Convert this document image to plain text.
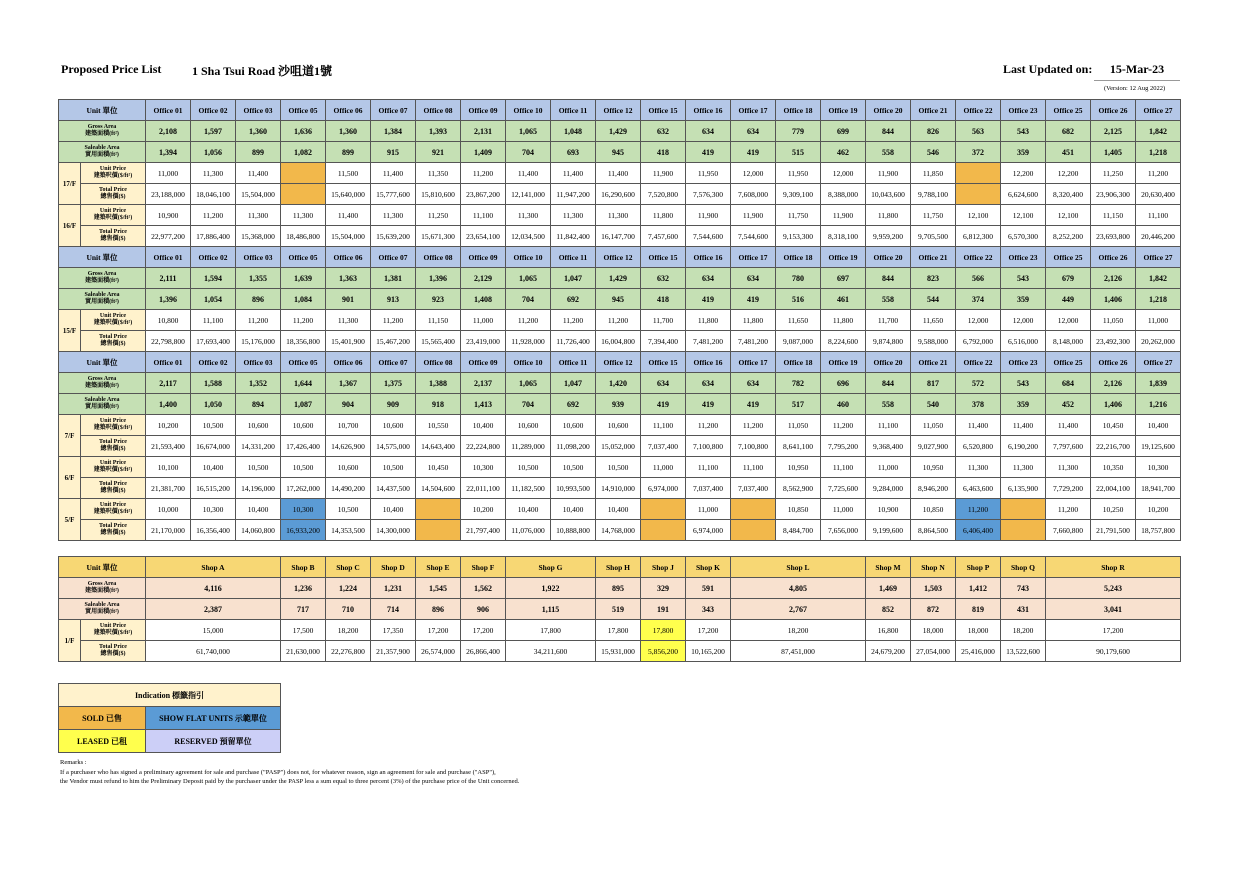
Proposed Price List	1 Sha Tsui Road 沙咀道1號	Last Updated on:	15-Mar-23
(Version: 12 Aug 2022)
Unit 單位		Office 01	Office 02	Office 03	Office 05	Office 06	Office 07	Office 08	Office 09	Office 10	Office 11	Office 12	Office 15	Office 16	Office 17	Office 18	Office 19	Office 20	Office 21	Office 22	Office 23	Office 25	Office 26	Office 27

Gross Area
建築面積(ft²)		2,108	1,597	1,360	1,636	1,360	1,384	1,393	2,131	1,065	1,048	1,429	632	634	634	779	699	844	826	563	543	682	2,125	1,842

Saleable Area
實用面積(ft²)		1,394	1,056	899	1,082	899	915	921	1,409	704	693	945	418	419	419	515	462	558	546	372	359	451	1,405	1,218
17/F	Unit Price
建築呎價($/ft²)	11,000	11,300	11,400		11,500	11,400	11,350	11,200	11,400	11,400	11,400	11,900	11,950	12,000	11,950	12,000	11,900	11,850		12,200	12,200	11,250	11,200

	Total Price
總售價($)	23,188,000	18,046,100	15,504,000		15,640,000	15,777,600	15,810,600	23,867,200	12,141,000	11,947,200	16,290,600	7,520,800	7,576,300	7,608,000	9,309,100	8,388,000	10,043,600	9,788,100		6,624,600	8,320,400	23,906,300	20,630,400
16/F	Unit Price
建築呎價($/ft²)	10,900	11,200	11,300	11,300	11,400	11,300	11,250	11,100	11,300	11,300	11,300	11,800	11,900	11,900	11,750	11,900	11,800	11,750	12,100	12,100	12,100	11,150	11,100

	Total Price
總售價($)	22,977,200	17,886,400	15,368,000	18,486,800	15,504,000	15,639,200	15,671,300	23,654,100	12,034,500	11,842,400	16,147,700	7,457,600	7,544,600	7,544,600	9,153,300	8,318,100	9,959,200	9,705,500	6,812,300	6,570,300	8,252,200	23,693,800	20,446,200
Unit 單位		Office 01	Office 02	Office 03	Office 05	Office 06	Office 07	Office 08	Office 09	Office 10	Office 11	Office 12	Office 15	Office 16	Office 17	Office 18	Office 19	Office 20	Office 21	Office 22	Office 23	Office 25	Office 26	Office 27

Gross Area
建築面積(ft²)		2,111	1,594	1,355	1,639	1,363	1,381	1,396	2,129	1,065	1,047	1,429	632	634	634	780	697	844	823	566	543	679	2,126	1,842

Saleable Area
實用面積(ft²)		1,396	1,054	896	1,084	901	913	923	1,408	704	692	945	418	419	419	516	461	558	544	374	359	449	1,406	1,218
15/F	Unit Price
建築呎價($/ft²)	10,800	11,100	11,200	11,200	11,300	11,200	11,150	11,000	11,200	11,200	11,200	11,700	11,800	11,800	11,650	11,800	11,700	11,650	12,000	12,000	12,000	11,050	11,000

	Total Price
總售價($)	22,798,800	17,693,400	15,176,000	18,356,800	15,401,900	15,467,200	15,565,400	23,419,000	11,928,000	11,726,400	16,004,800	7,394,400	7,481,200	7,481,200	9,087,000	8,224,600	9,874,800	9,588,000	6,792,000	6,516,000	8,148,000	23,492,300	20,262,000
Unit 單位		Office 01	Office 02	Office 03	Office 05	Office 06	Office 07	Office 08	Office 09	Office 10	Office 11	Office 12	Office 15	Office 16	Office 17	Office 18	Office 19	Office 20	Office 21	Office 22	Office 23	Office 25	Office 26	Office 27

Gross Area
建築面積(ft²)		2,117	1,588	1,352	1,644	1,367	1,375	1,388	2,137	1,065	1,047	1,420	634	634	634	782	696	844	817	572	543	684	2,126	1,839

Saleable Area
實用面積(ft²)		1,400	1,050	894	1,087	904	909	918	1,413	704	692	939	419	419	419	517	460	558	540	378	359	452	1,406	1,216
7/F	Unit Price
建築呎價($/ft²)	10,200	10,500	10,600	10,600	10,700	10,600	10,550	10,400	10,600	10,600	10,600	11,100	11,200	11,200	11,050	11,200	11,100	11,050	11,400	11,400	11,400	10,450	10,400

	Total Price
總售價($)	21,593,400	16,674,000	14,331,200	17,426,400	14,626,900	14,575,000	14,643,400	22,224,800	11,289,000	11,098,200	15,052,000	7,037,400	7,100,800	7,100,800	8,641,100	7,795,200	9,368,400	9,027,900	6,520,800	6,190,200	7,797,600	22,216,700	19,125,600
6/F	Unit Price
建築呎價($/ft²)	10,100	10,400	10,500	10,500	10,600	10,500	10,450	10,300	10,500	10,500	10,500	11,000	11,100	11,100	10,950	11,100	11,000	10,950	11,300	11,300	11,300	10,350	10,300

	Total Price
總售價($)	21,381,700	16,515,200	14,196,000	17,262,000	14,490,200	14,437,500	14,504,600	22,011,100	11,182,500	10,993,500	14,910,000	6,974,000	7,037,400	7,037,400	8,562,900	7,725,600	9,284,000	8,946,200	6,463,600	6,135,900	7,729,200	22,004,100	18,941,700
5/F	Unit Price
建築呎價($/ft²)	10,000	10,300	10,400	10,300	10,500	10,400		10,200	10,400	10,400	10,400		11,000		10,850	11,000	10,900	10,850	11,200		11,200	10,250	10,200

	Total Price
總售價($)	21,170,000	16,356,400	14,060,800	16,933,200	14,353,500	14,300,000		21,797,400	11,076,000	10,888,800	14,768,000		6,974,000		8,484,700	7,656,000	9,199,600	8,864,500	6,406,400		7,660,800	21,791,500	18,757,800
Unit 單位		Shop A	Shop B	Shop C	Shop D	Shop E	Shop F	Shop G	Shop H	Shop J	Shop K	Shop L	Shop M	Shop N	Shop P	Shop Q	Shop R

Gross Area
建築面積(ft²)		4,116	1,236	1,224	1,231	1,545	1,562	1,922	895	329	591	4,805	1,469	1,503	1,412	743	5,243

Saleable Area
實用面積(ft²)		2,387	717	710	714	896	906	1,115	519	191	343	2,767	852	872	819	431	3,041
1/F	Unit Price
建築呎價($/ft²)	15,000	17,500	18,200	17,350	17,200	17,200	17,800	17,800	17,800	17,200	18,200	16,800	18,000	18,000	18,200	17,200

	Total Price
總售價($)	61,740,000	21,630,000	22,276,800	21,357,900	26,574,000	26,866,400	34,211,600	15,931,000	5,856,200	10,165,200	87,451,000	24,679,200	27,054,000	25,416,000	13,522,600	90,179,600
Indication 標籤指引	
SOLD 已售	SHOW FLAT UNITS 示範單位
LEASED 已租	RESERVED 預留單位
Remarks :
If a purchaser who has signed a preliminary agreement for sale and purchase ("PASP") does not, for whatever reason, sign an agreement for sale and purchase ("ASP"),
the Vendor must refund to him the Preliminary Deposit paid by the purchaser under the PASP less a sum equal to three percent (3%) of the purchase price of the Unit concerned.
